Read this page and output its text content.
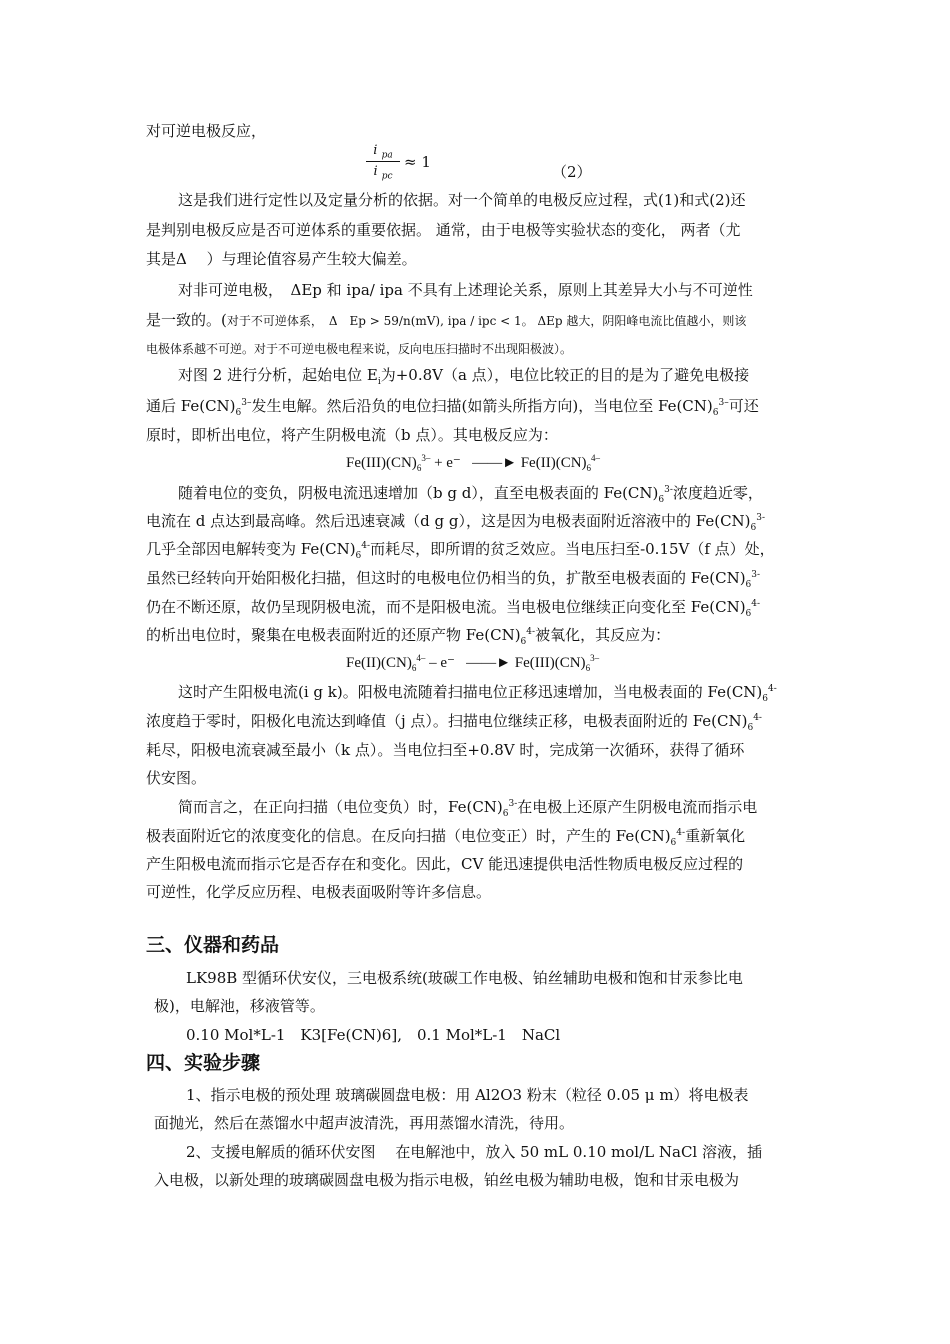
对可逆电极反应，
i $_{pa}$
i $_{pc}$
≈ 1
（2）
这是我们进行定性以及定量分析的依据。对一个简单的电极反应过程，式(1)和式(2)还
是判别电极反应是否可逆体系的重要依据。 通常，由于电极等实验状态的变化， 两者（尤
其是Δ　 ）与理论值容易产生较大偏差。
对非可逆电极，　ΔEp 和 ipa/ ipa 不具有上述理论关系，原则上其差异大小与不可逆性
是一致的。(对于不可逆体系，　Δ　Ep > 59/n(mV), ipa / ipc < 1。 ΔEp 越大，阴阳峰电流比值越小，则该
电极体系越不可逆。对于不可逆电极电程来说，反向电压扫描时不出现阳极波）。
对图 2 进行分析，起始电位 $E_i$为+0.8V（a 点），电位比较正的目的是为了避免电极接
通后 $Fe(CN)_6^{3-}$发生电解。然后沿负的电位扫描(如箭头所指方向)，当电位至 $Fe(CN)_6^{3-}$可还
原时，即析出电位，将产生阴极电流（b 点）。其电极反应为：
$Fe(III)(CN)_6^{3-} + e^-$ ——► $Fe(II)(CN)_6^{4-}$
随着电位的变负，阴极电流迅速增加（b g d），直至电极表面的 $Fe(CN)_6^{3-}$浓度趋近零，
电流在 d 点达到最高峰。然后迅速衰减（d g g），这是因为电极表面附近溶液中的 $Fe(CN)_6^{3-}$
几乎全部因电解转变为 $Fe(CN)_6^{4-}$而耗尽，即所谓的贫乏效应。当电压扫至-0.15V（f 点）处，
虽然已经转向开始阳极化扫描，但这时的电极电位仍相当的负，扩散至电极表面的 $Fe(CN)_6^{3-}$
仍在不断还原，故仍呈现阴极电流，而不是阳极电流。当电极电位继续正向变化至 $Fe(CN)_6^{4-}$
的析出电位时，聚集在电极表面附近的还原产物 $Fe(CN)_6^{4-}$被氧化，其反应为：
$Fe(II)(CN)_6^{4-} - e^-$ ——► $Fe(III)(CN)_6^{3-}$
这时产生阳极电流(i g k)。阳极电流随着扫描电位正移迅速增加，当电极表面的 $Fe(CN)_6^{4-}$
浓度趋于零时，阳极化电流达到峰值（j 点）。扫描电位继续正移，电极表面附近的 $Fe(CN)_6^{4-}$
耗尽，阳极电流衰减至最小（k 点）。当电位扫至+0.8V 时，完成第一次循环，获得了循环
伏安图。
简而言之，在正向扫描（电位变负）时，$Fe(CN)_6^{3-}$在电极上还原产生阴极电流而指示电
极表面附近它的浓度变化的信息。在反向扫描（电位变正）时，产生的 $Fe(CN)_6^{4-}$重新氧化
产生阳极电流而指示它是否存在和变化。因此，CV 能迅速提供电活性物质电极反应过程的
可逆性，化学反应历程、电极表面吸附等许多信息。
三、仪器和药品
LK98B 型循环伏安仪，三电极系统(玻碳工作电极、铂丝辅助电极和饱和甘汞参比电
极)，电解池，移液管等。
0.10 Mol*L-1　K3[Fe(CN)6],　0.1 Mol*L-1　NaCl
四、实验步骤
1、指示电极的预处理 玻璃碳圆盘电极：用 Al2O3 粉末（粒径 0.05 μ m）将电极表
面抛光，然后在蒸馏水中超声波清洗，再用蒸馏水清洗，待用。
2、支援电解质的循环伏安图　 在电解池中，放入 50 mL 0.10 mol/L NaCl 溶液，插
入电极，以新处理的玻璃碳圆盘电极为指示电极，铂丝电极为辅助电极，饱和甘汞电极为
